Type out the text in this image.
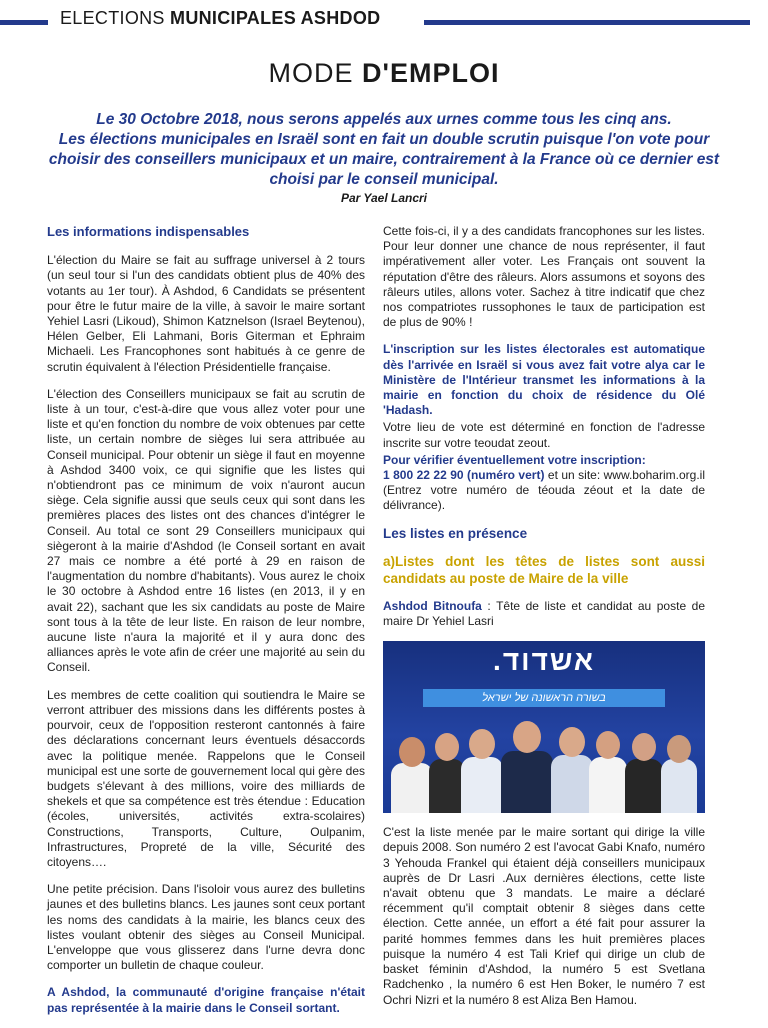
ELECTIONS MUNICIPALES ASHDOD
MODE D'EMPLOI
Le 30 Octobre 2018, nous serons appelés aux urnes comme tous les cinq ans.
Les élections municipales en Israël sont en fait un double scrutin puisque l'on vote pour choisir des conseillers municipaux et un maire, contrairement à la France où ce dernier est choisi par le conseil municipal.
Par Yael Lancri

Les informations indispensables

L'élection du Maire se fait au suffrage universel à 2 tours (un seul tour si l'un des candidats obtient plus de 40% des votants au 1er tour). À Ashdod, 6 Candidats se présentent pour être le futur maire de la ville, à savoir le maire sortant Yehiel Lasri (Likoud), Shimon Katznelson (Israel Beytenou), Hélen Gelber, Eli Lahmani, Boris Giterman et Ephraim Michaeli. Les Francophones sont habitués à ce genre de scrutin équivalent à l'élection Présidentielle française.

L'élection des Conseillers municipaux se fait au scrutin de liste à un tour, c'est-à-dire que vous allez voter pour une liste et qu'en fonction du nombre de voix obtenues par cette liste, un certain nombre de sièges lui sera attribuée au Conseil municipal. Pour obtenir un siège il faut en moyenne à Ashdod 3400 voix, ce qui signifie que les listes qui n'obtiendront pas ce minimum de voix n'auront aucun siège. Cela signifie aussi que seuls ceux qui sont dans les premières places des listes ont des chances d'intégrer le Conseil. Au total ce sont 29 Conseillers municipaux qui siègeront à la mairie d'Ashdod (le Conseil sortant en avait 27 mais ce nombre a été porté à 29 en raison de l'augmentation du nombre d'habitants). Vous aurez le choix le 30 octobre à Ashdod entre 16 listes (en 2013, il y en avait 22), sachant que les six candidats au poste de Maire sont tous à la tête de leur liste. En raison de leur nombre, aucune liste n'aura la majorité et il y aura donc des alliances après le vote afin de créer une majorité au sein du Conseil.

Les membres de cette coalition qui soutiendra le Maire se verront attribuer des missions dans les différents postes à pourvoir, ceux de l'opposition resteront cantonnés à faire des déclarations concernant leurs éventuels désaccords avec la politique menée. Rappelons que le Conseil municipal est une sorte de gouvernement local qui gère des budgets s'élevant à des millions, voire des milliards de shekels et que sa compétence est très étendue : Education (écoles, universités, activités extra-scolaires) Constructions, Transports, Culture, Oulpanim, Infrastructures, Propreté de la ville, Sécurité des citoyens….

Une petite précision. Dans l'isoloir vous aurez des bulletins jaunes et des bulletins blancs. Les jaunes sont ceux portant les noms des candidats à la mairie, les blancs ceux des listes voulant obtenir des sièges au Conseil Municipal. L'enveloppe que vous glisserez dans l'urne devra donc comporter un bulletin de chaque couleur.

A Ashdod, la communauté d'origine française n'était pas représentée à la mairie dans le Conseil sortant.

Cette fois-ci, il y a des candidats francophones sur les listes. Pour leur donner une chance de nous représenter, il faut impérativement aller voter. Les Français ont souvent la réputation d'être des râleurs. Alors assumons et soyons des râleurs utiles, allons voter. Sachez à titre indicatif que chez nos compatriotes russophones le taux de participation est de plus de 90% !

L'inscription sur les listes électorales est automatique dès l'arrivée en Israël si vous avez fait votre alya car le Ministère de l'Intérieur transmet les informations à la mairie en fonction du choix de résidence du Olé 'Hadash.

Votre lieu de vote est déterminé en fonction de l'adresse inscrite sur votre teoudat zeout.

Pour vérifier éventuellement votre inscription:
1 800 22 22 90 (numéro vert) et un site: www.boharim.org.il (Entrez votre numéro de téouda zéout et la date de délivrance).

Les listes en présence

a)Listes dont les têtes de listes sont aussi candidats au poste de Maire de la ville

Ashdod Bitnoufa : Tête de liste et candidat au poste de maire Dr Yehiel Lasri

אשדוד.
בשורה הראשונה של ישראל

C'est la liste menée par le maire sortant qui dirige la ville depuis 2008. Son numéro 2 est l'avocat Gabi Knafo, numéro 3 Yehouda Frankel qui étaient déjà conseillers municipaux auprès de Dr Lasri .Aux dernières élections, cette liste n'avait obtenu que 3 mandats. Le maire a déclaré récemment qu'il comptait obtenir 8 sièges dans cette élection. Cette année, un effort a été fait pour assurer la parité hommes femmes dans les huit premières places puisque la numéro 4 est Tali Krief qui dirige un club de basket féminin d'Ashdod, la numéro 5 est Svetlana Radchenko , la numéro 6 est Hen Boker, le numéro 7 est Ochri Nizri et la numéro 8 est Aliza Ben Hamou.
